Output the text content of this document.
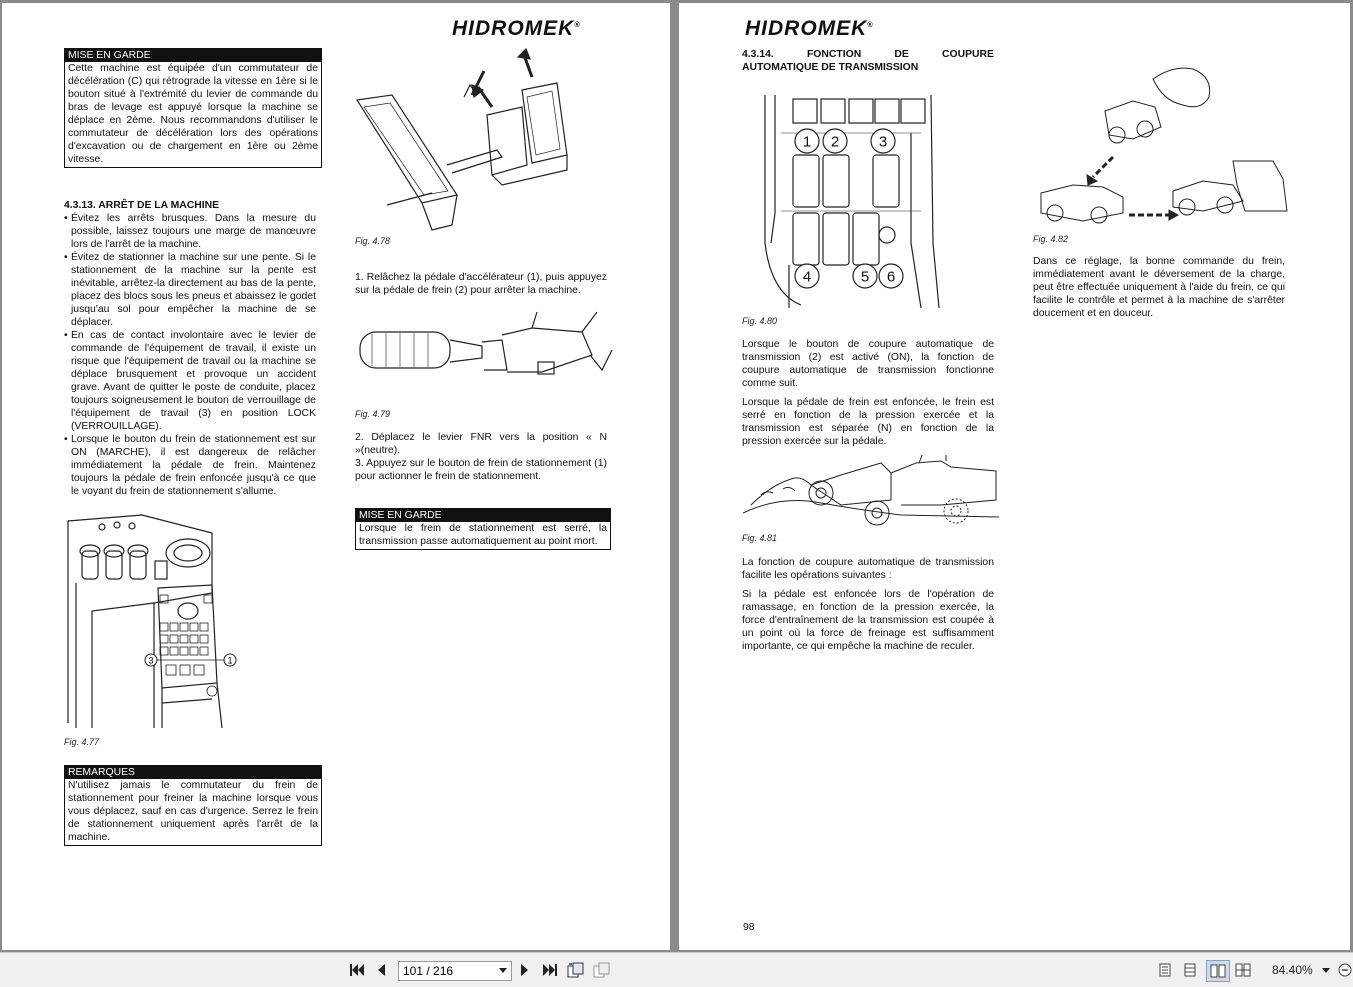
HIDROMEK®
MISE EN GARDE
Cette machine est équipée d'un commutateur de décélération (C) qui rétrograde la vitesse en 1ère si le bouton situé à l'extrémité du levier de commande du bras de levage est appuyé lorsque la machine se déplace en 2ème. Nous recommandons d'utiliser le commutateur de décélération lors des opérations d'excavation ou de chargement en 1ère ou 2ème vitesse.
4.3.13. ARRÊT DE LA MACHINE
• Évitez les arrêts brusques. Dans la mesure du possible, laissez toujours une marge de manœuvre lors de l'arrêt de la machine.
• Évitez de stationner la machine sur une pente. Si le stationnement de la machine sur la pente est inévitable, arrêtez-la directement au bas de la pente, placez des blocs sous les pneus et abaissez le godet jusqu'au sol pour empêcher la machine de se déplacer.
• En cas de contact involontaire avec le levier de commande de l'équipement de travail, il existe un risque que l'équipement de travail ou la machine se déplace brusquement et provoque un accident grave. Avant de quitter le poste de conduite, placez toujours soigneusement le bouton de verrouillage de l'équipement de travail (3) en position LOCK (VERROUILLAGE).
• Lorsque le bouton du frein de stationnement est sur ON (MARCHE), il est dangereux de relâcher immédiatement la pédale de frein. Maintenez toujours la pédale de frein enfoncée jusqu'à ce que le voyant du frein de stationnement s'allume.
3	1
Fig. 4.77
REMARQUES
N'utilisez jamais le commutateur du frein de stationnement pour freiner la machine lorsque vous vous déplacez, sauf en cas d'urgence. Serrez le frein de stationnement uniquement après l'arrêt de la machine.
Fig. 4.78
1. Relâchez la pédale d'accélérateur (1), puis appuyez sur la pédale de frein (2) pour arrêter la machine.
Fig. 4.79
2. Déplacez le levier FNR vers la position « N »(neutre).
3. Appuyez sur le bouton de frein de stationnement (1) pour actionner le frein de stationnement.
MISE EN GARDE
Lorsque le frein de stationnement est serré, la transmission passe automatiquement au point mort.
HIDROMEK®
4.3.14. FONCTION DE COUPURE
AUTOMATIQUE DE TRANSMISSION
1 2	3
4	5 6
Fig. 4.80
Lorsque le bouton de coupure automatique de transmission (2) est activé (ON), la fonction de coupure automatique de transmission fonctionne comme suit.
Lorsque la pédale de frein est enfoncée, le frein est serré en fonction de la pression exercée et la transmission est séparée (N) en fonction de la pression exercée sur la pédale.
Fig. 4.81
La fonction de coupure automatique de transmission facilite les opérations suivantes :
Si la pédale est enfoncée lors de l'opération de ramassage, en fonction de la pression exercée, la force d'entraînement de la transmission est coupée à un point où la force de freinage est suffisamment importante, ce qui empêche la machine de reculer.
Fig. 4.82
Dans ce réglage, la bonne commande du frein, immédiatement avant le déversement de la charge, peut être effectuée uniquement à l'aide du frein, ce qui facilite le contrôle et permet à la machine de s'arrêter doucement et en douceur.
98
101 / 216	84.40%
